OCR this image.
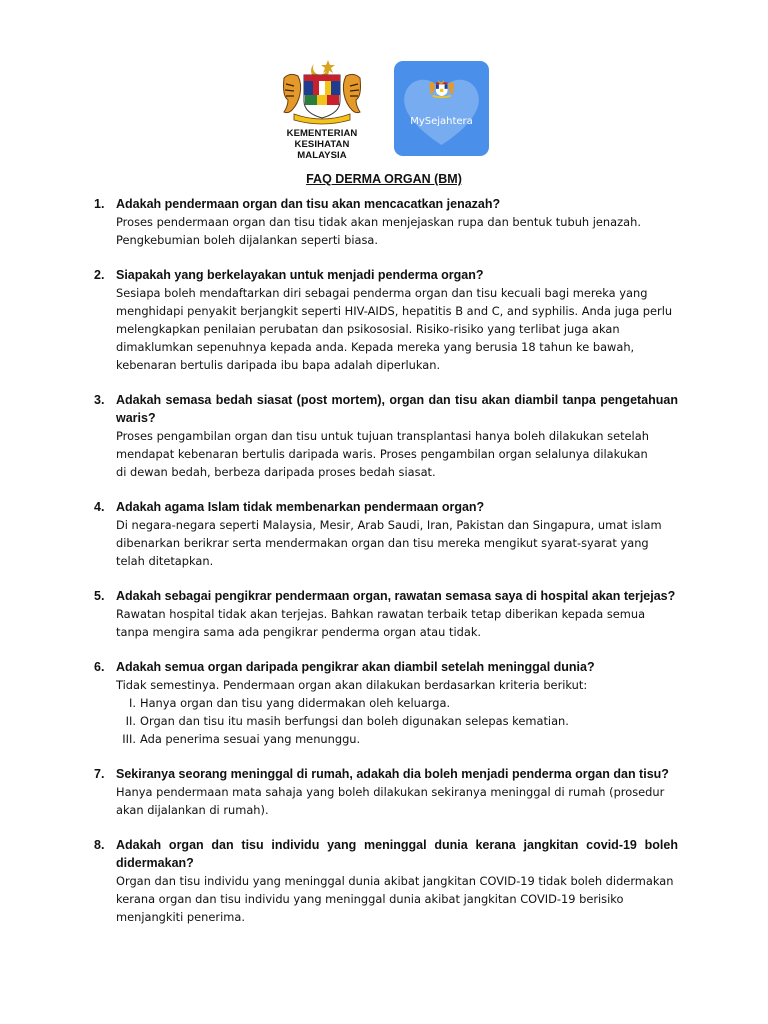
KEMENTERIAN KESIHATAN
MALAYSIA
MySejahtera
FAQ DERMA ORGAN (BM)
1. Adakah pendermaan organ dan tisu akan mencacatkan jenazah?
Proses pendermaan organ dan tisu tidak akan menjejaskan rupa dan bentuk tubuh jenazah.
Pengkebumian boleh dijalankan seperti biasa.
2. Siapakah yang berkelayakan untuk menjadi penderma organ?
Sesiapa boleh mendaftarkan diri sebagai penderma organ dan tisu kecuali bagi mereka yang
menghidapi penyakit berjangkit seperti HIV-AIDS, hepatitis B and C, and syphilis. Anda juga perlu
melengkapkan penilaian perubatan dan psikososial. Risiko-risiko yang terlibat juga akan
dimaklumkan sepenuhnya kepada anda. Kepada mereka yang berusia 18 tahun ke bawah,
kebenaran bertulis daripada ibu bapa adalah diperlukan.
3. Adakah semasa bedah siasat (post mortem), organ dan tisu akan diambil tanpa pengetahuan
waris?
Proses pengambilan organ dan tisu untuk tujuan transplantasi hanya boleh dilakukan setelah
mendapat kebenaran bertulis daripada waris. Proses pengambilan organ selalunya dilakukan
di dewan bedah, berbeza daripada proses bedah siasat.
4. Adakah agama Islam tidak membenarkan pendermaan organ?
Di negara-negara seperti Malaysia, Mesir, Arab Saudi, Iran, Pakistan dan Singapura, umat islam
dibenarkan berikrar serta mendermakan organ dan tisu mereka mengikut syarat-syarat yang
telah ditetapkan.
5. Adakah sebagai pengikrar pendermaan organ, rawatan semasa saya di hospital akan terjejas?
Rawatan hospital tidak akan terjejas. Bahkan rawatan terbaik tetap diberikan kepada semua
tanpa mengira sama ada pengikrar penderma organ atau tidak.
6. Adakah semua organ daripada pengikrar akan diambil setelah meninggal dunia?
Tidak semestinya. Pendermaan organ akan dilakukan berdasarkan kriteria berikut:
I. Hanya organ dan tisu yang didermakan oleh keluarga.
II. Organ dan tisu itu masih berfungsi dan boleh digunakan selepas kematian.
III. Ada penerima sesuai yang menunggu.
7. Sekiranya seorang meninggal di rumah, adakah dia boleh menjadi penderma organ dan tisu?
Hanya pendermaan mata sahaja yang boleh dilakukan sekiranya meninggal di rumah (prosedur
akan dijalankan di rumah).
8. Adakah organ dan tisu individu yang meninggal dunia kerana jangkitan covid-19 boleh
didermakan?
Organ dan tisu individu yang meninggal dunia akibat jangkitan COVID-19 tidak boleh didermakan
kerana organ dan tisu individu yang meninggal dunia akibat jangkitan COVID-19 berisiko
menjangkiti penerima.
